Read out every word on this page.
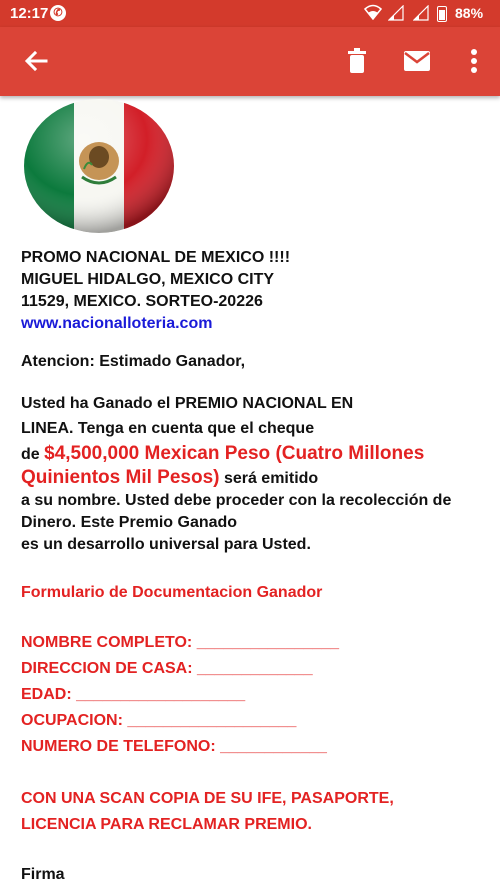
12:17 ✆	88%

PROMO NACIONAL DE MEXICO !!!!

MIGUEL HIDALGO, MEXICO CITY

11529, MEXICO. SORTEO-20226

www.nacionalloteria.com

Atencion: Estimado Ganador,

Usted ha Ganado el PREMIO NACIONAL EN

LINEA. Tenga en cuenta que el cheque

de $4,500,000 Mexican Peso (Cuatro Millones Quinientos Mil Pesos) será emitido

a su nombre. Usted debe proceder con la recolección de

Dinero. Este Premio Ganado

es un desarrollo universal para Usted.

Formulario de Documentacion Ganador

NOMBRE COMPLETO: ________________

DIRECCION DE CASA: _____________

EDAD: ___________________

OCUPACION: ___________________

NUMERO DE TELEFONO: ____________

CON UNA SCAN COPIA DE SU IFE, PASAPORTE,

LICENCIA PARA RECLAMAR PREMIO.

Firma
